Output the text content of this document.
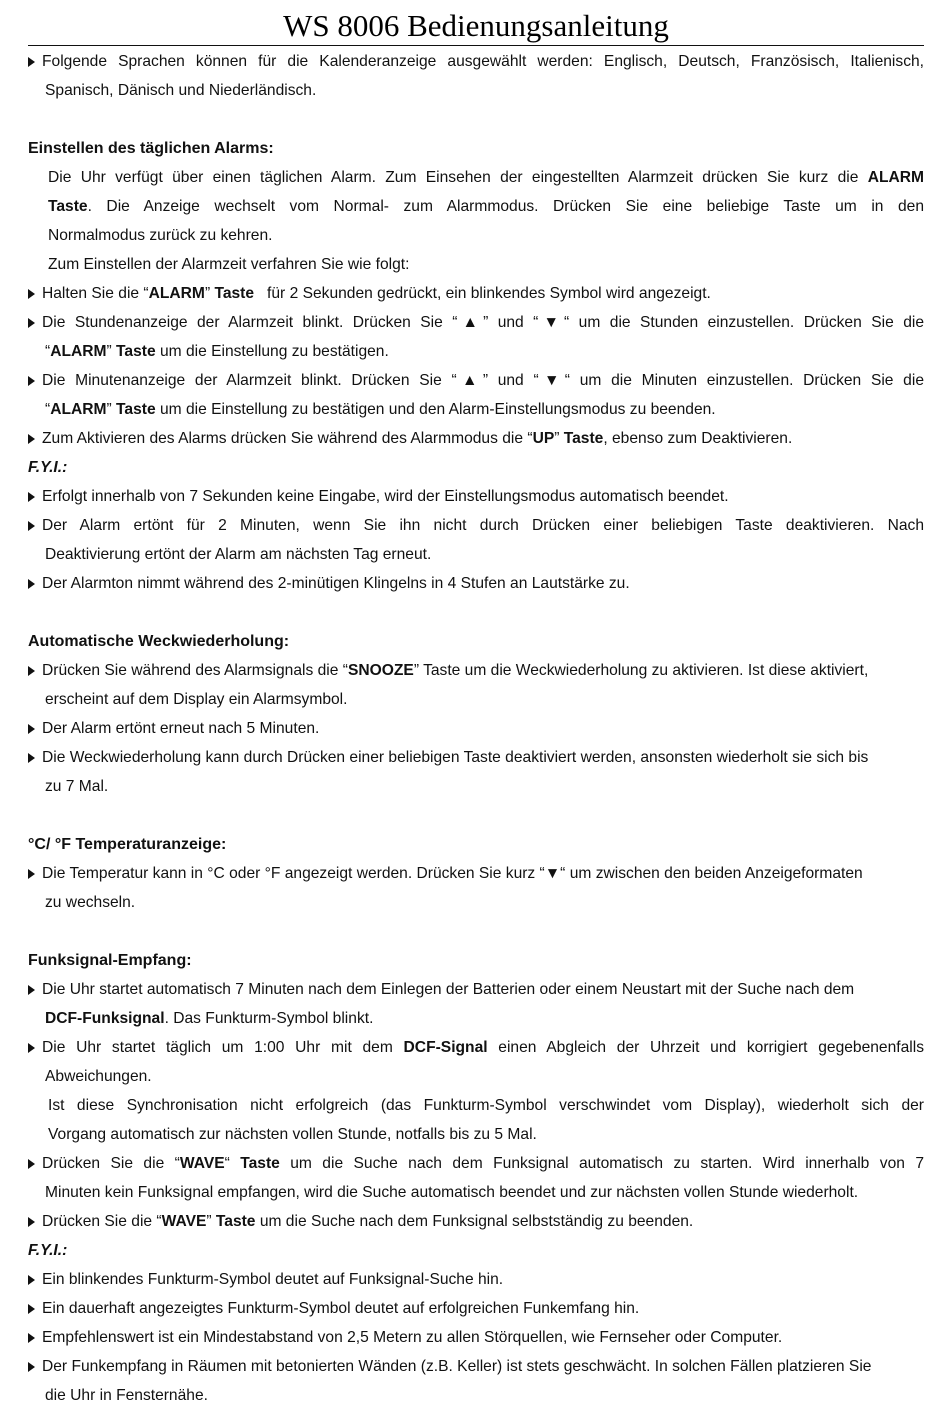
WS 8006 Bedienungsanleitung
Folgende Sprachen können für die Kalenderanzeige ausgewählt werden: Englisch, Deutsch, Französisch, Italienisch,
Spanisch, Dänisch und Niederländisch.
Einstellen des täglichen Alarms:
Die Uhr verfügt über einen täglichen Alarm. Zum Einsehen der eingestellten Alarmzeit drücken Sie kurz die ALARM
Taste. Die Anzeige wechselt vom Normal- zum Alarmmodus. Drücken Sie eine beliebige Taste um in den
Normalmodus zurück zu kehren.
Zum Einstellen der Alarmzeit verfahren Sie wie folgt:
Halten Sie die “ALARM” Taste   für 2 Sekunden gedrückt, ein blinkendes Symbol wird angezeigt.
Die Stundenanzeige der Alarmzeit blinkt. Drücken Sie “▲” und “▼“ um die Stunden einzustellen. Drücken Sie die
“ALARM” Taste um die Einstellung zu bestätigen.
Die Minutenanzeige der Alarmzeit blinkt. Drücken Sie “▲” und “▼“ um die Minuten einzustellen. Drücken Sie die
“ALARM” Taste um die Einstellung zu bestätigen und den Alarm-Einstellungsmodus zu beenden.
Zum Aktivieren des Alarms drücken Sie während des Alarmmodus die “UP” Taste, ebenso zum Deaktivieren.
F.Y.I.:
Erfolgt innerhalb von 7 Sekunden keine Eingabe, wird der Einstellungsmodus automatisch beendet.
Der Alarm ertönt für 2 Minuten, wenn Sie ihn nicht durch Drücken einer beliebigen Taste deaktivieren. Nach
Deaktivierung ertönt der Alarm am nächsten Tag erneut.
Der Alarmton nimmt während des 2-minütigen Klingelns in 4 Stufen an Lautstärke zu.
Automatische Weckwiederholung:
Drücken Sie während des Alarmsignals die “SNOOZE” Taste um die Weckwiederholung zu aktivieren. Ist diese aktiviert,
erscheint auf dem Display ein Alarmsymbol.
Der Alarm ertönt erneut nach 5 Minuten.
Die Weckwiederholung kann durch Drücken einer beliebigen Taste deaktiviert werden, ansonsten wiederholt sie sich bis
zu 7 Mal.
°C/ °F Temperaturanzeige:
Die Temperatur kann in °C oder °F angezeigt werden. Drücken Sie kurz “▼“ um zwischen den beiden Anzeigeformaten
zu wechseln.
Funksignal-Empfang:
Die Uhr startet automatisch 7 Minuten nach dem Einlegen der Batterien oder einem Neustart mit der Suche nach dem
DCF-Funksignal. Das Funkturm-Symbol blinkt.
Die Uhr startet täglich um 1:00 Uhr mit dem DCF-Signal einen Abgleich der Uhrzeit und korrigiert gegebenenfalls
Abweichungen.
Ist diese Synchronisation nicht erfolgreich (das Funkturm-Symbol verschwindet vom Display), wiederholt sich der
Vorgang automatisch zur nächsten vollen Stunde, notfalls bis zu 5 Mal.
Drücken Sie die “WAVE“ Taste um die Suche nach dem Funksignal automatisch zu starten. Wird innerhalb von 7
Minuten kein Funksignal empfangen, wird die Suche automatisch beendet und zur nächsten vollen Stunde wiederholt.
Drücken Sie die “WAVE” Taste um die Suche nach dem Funksignal selbstständig zu beenden.
F.Y.I.:
Ein blinkendes Funkturm-Symbol deutet auf Funksignal-Suche hin.
Ein dauerhaft angezeigtes Funkturm-Symbol deutet auf erfolgreichen Funkemfang hin.
Empfehlenswert ist ein Mindestabstand von 2,5 Metern zu allen Störquellen, wie Fernseher oder Computer.
Der Funkempfang in Räumen mit betonierten Wänden (z.B. Keller) ist stets geschwächt. In solchen Fällen platzieren Sie
die Uhr in Fensternähe.
